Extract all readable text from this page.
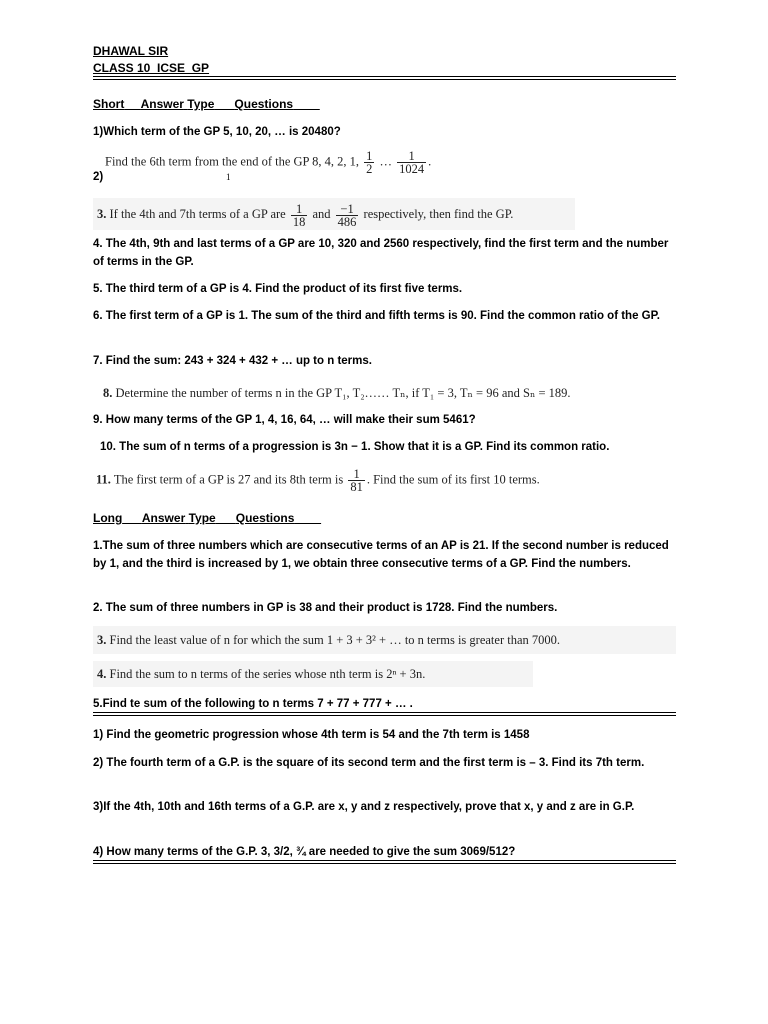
DHAWAL SIR
CLASS 10  ICSE  GP
Short Answer Type Questions
1)Which term of the GP 5, 10, 20, … is 20480?
Find the 6th term from the end of the GP 8, 4, 2, 1, $\frac{1}{2}$ … $\frac{1}{1024}$ .
2)	1
3. If the 4th and 7th terms of a GP are $\frac{1}{18}$ and $\frac{-1}{486}$ respectively, then find the GP.
4. The 4th, 9th and last terms of a GP are 10, 320 and 2560 respectively, find the first term and the number of terms in the GP.
5. The third term of a GP is 4. Find the product of its first five terms.
6. The first term of a GP is 1. The sum of the third and fifth terms is 90. Find the common ratio of the GP.
7. Find the sum: 243 + 324 + 432 + … up to n terms.
8. Determine the number of terms n in the GP T₁, T₂…… Tₙ, if T₁ = 3, Tₙ = 96 and Sₙ = 189.
9. How many terms of the GP 1, 4, 16, 64, … will make their sum 5461?
10. The sum of n terms of a progression is 3n − 1. Show that it is a GP. Find its common ratio.
11. The first term of a GP is 27 and its 8th term is $\frac{1}{81}$ . Find the sum of its first 10 terms.
Long Answer Type Questions
1.The sum of three numbers which are consecutive terms of an AP is 21. If the second number is reduced by 1, and the third is increased by 1, we obtain three consecutive terms of a GP. Find the numbers.
2. The sum of three numbers in GP is 38 and their product is 1728. Find the numbers.
3. Find the least value of n for which the sum 1 + 3 + 3² + … to n terms is greater than 7000.
4. Find the sum to n terms of the series whose nth term is 2ⁿ + 3n.
5.Find te sum of the following to n terms 7 + 77 + 777 + … .
1) Find the geometric progression whose 4th term is 54 and the 7th term is 1458
2) The fourth term of a G.P. is the square of its second term and the first term is – 3. Find its 7th term.
3)If the 4th, 10th and 16th terms of a G.P. are x, y and z respectively, prove that x, y and z are in G.P.
4) How many terms of the G.P. 3, 3/2, ¾ are needed to give the sum 3069/512?
